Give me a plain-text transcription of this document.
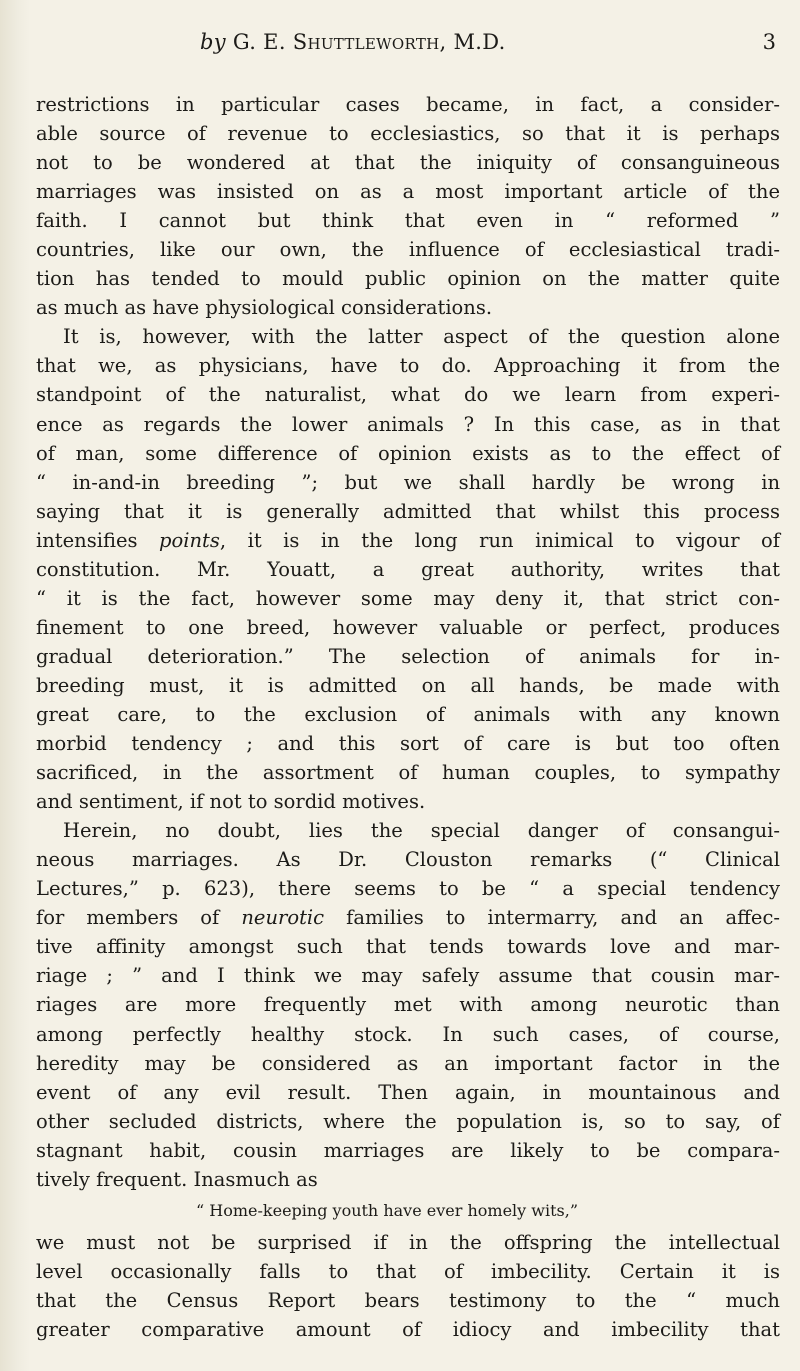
by G. E. Shuttleworth, M.D.	3
restrictions in particular cases became, in fact, a consider-
able source of revenue to ecclesiastics, so that it is perhaps
not to be wondered at that the iniquity of consanguineous
marriages was insisted on as a most important article of the
faith. I cannot but think that even in “ reformed ”
countries, like our own, the influence of ecclesiastical tradi-
tion has tended to mould public opinion on the matter quite
as much as have physiological considerations.
It is, however, with the latter aspect of the question alone
that we, as physicians, have to do. Approaching it from the
standpoint of the naturalist, what do we learn from experi-
ence as regards the lower animals ? In this case, as in that
of man, some difference of opinion exists as to the effect of
“ in-and-in breeding ”; but we shall hardly be wrong in
saying that it is generally admitted that whilst this process
intensifies points, it is in the long run inimical to vigour of
constitution. Mr. Youatt, a great authority, writes that
“ it is the fact, however some may deny it, that strict con-
finement to one breed, however valuable or perfect, produces
gradual deterioration.” The selection of animals for in-
breeding must, it is admitted on all hands, be made with
great care, to the exclusion of animals with any known
morbid tendency ; and this sort of care is but too often
sacrificed, in the assortment of human couples, to sympathy
and sentiment, if not to sordid motives.
Herein, no doubt, lies the special danger of consangui-
neous marriages. As Dr. Clouston remarks (“ Clinical
Lectures,” p. 623), there seems to be “ a special tendency
for members of neurotic families to intermarry, and an affec-
tive affinity amongst such that tends towards love and mar-
riage ; ” and I think we may safely assume that cousin mar-
riages are more frequently met with among neurotic than
among perfectly healthy stock. In such cases, of course,
heredity may be considered as an important factor in the
event of any evil result. Then again, in mountainous and
other secluded districts, where the population is, so to say, of
stagnant habit, cousin marriages are likely to be compara-
tively frequent. Inasmuch as
“ Home-keeping youth have ever homely wits,”
we must not be surprised if in the offspring the intellectual
level occasionally falls to that of imbecility. Certain it is
that the Census Report bears testimony to the “ much
greater comparative amount of idiocy and imbecility that
